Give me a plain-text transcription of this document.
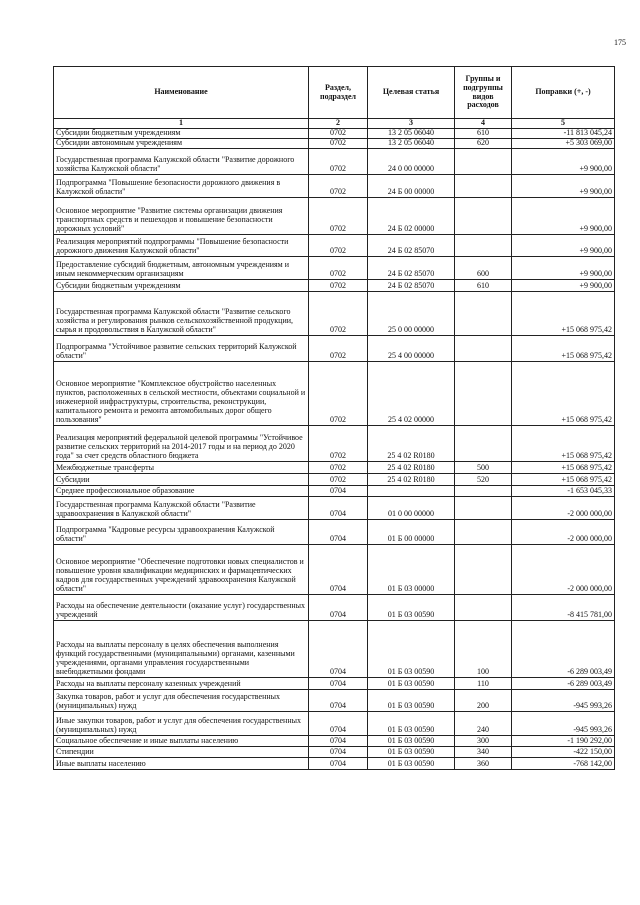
175
Наименование	Раздел, подраздел	Целевая статья	Группы и подгруппы видов расходов	Поправки (+, -)
1	2	3	4	5
Субсидии бюджетным учреждениям	0702	13 2 05 06040	610	-11 813 045,24
Субсидии автономным учреждениям	0702	13 2 05 06040	620	+5 303 069,00
Государственная программа Калужской области "Развитие дорожного хозяйства Калужской области"	0702	24 0 00 00000		+9 900,00
Подпрограмма "Повышение безопасности дорожного движения в Калужской области"	0702	24 Б 00 00000		+9 900,00
Основное мероприятие "Развитие системы организации движения транспортных средств и пешеходов и повышение безопасности дорожных условий"	0702	24 Б 02 00000		+9 900,00
Реализация мероприятий подпрограммы "Повышение безопасности дорожного движения Калужской области"	0702	24 Б 02 85070		+9 900,00
Предоставление субсидий бюджетным, автономным учреждениям и иным некоммерческим организациям	0702	24 Б 02 85070	600	+9 900,00
Субсидии бюджетным учреждениям	0702	24 Б 02 85070	610	+9 900,00
Государственная программа Калужской области "Развитие сельского хозяйства и регулирования рынков сельскохозяйственной продукции, сырья и продовольствия в Калужской области"	0702	25 0 00 00000		+15 068 975,42
Подпрограмма "Устойчивое развитие сельских территорий Калужской области"	0702	25 4 00 00000		+15 068 975,42
Основное мероприятие "Комплексное обустройство населенных пунктов, расположенных в сельской местности, объектами социальной и инженерной инфраструктуры, строительства, реконструкции, капитального ремонта и ремонта автомобильных дорог общего пользования"	0702	25 4 02 00000		+15 068 975,42
Реализация мероприятий федеральной целевой программы "Устойчивое развитие сельских территорий на 2014-2017 годы и на период до 2020 года" за счет средств областного бюджета	0702	25 4 02 R0180		+15 068 975,42
Межбюджетные трансферты	0702	25 4 02 R0180	500	+15 068 975,42
Субсидии	0702	25 4 02 R0180	520	+15 068 975,42
Среднее профессиональное образование	0704			-1 653 045,33
Государственная программа Калужской области "Развитие здравоохранения в Калужской области"	0704	01 0 00 00000		-2 000 000,00
Подпрограмма "Кадровые ресурсы здравоохранения Калужской области"	0704	01 Б 00 00000		-2 000 000,00
Основное мероприятие "Обеспечение подготовки новых специалистов и повышение уровня квалификации медицинских и фармацевтических кадров для государственных учреждений здравоохранения Калужской области"	0704	01 Б 03 00000		-2 000 000,00
Расходы на обеспечение деятельности (оказание услуг) государственных учреждений	0704	01 Б 03 00590		-8 415 781,00
Расходы на выплаты персоналу в целях обеспечения выполнения функций государственными (муниципальными) органами, казенными учреждениями, органами управления государственными внебюджетными фондами	0704	01 Б 03 00590	100	-6 289 003,49
Расходы на выплаты персоналу казенных учреждений	0704	01 Б 03 00590	110	-6 289 003,49
Закупка товаров, работ и услуг для обеспечения государственных (муниципальных) нужд	0704	01 Б 03 00590	200	-945 993,26
Иные закупки товаров, работ и услуг для обеспечения государственных (муниципальных) нужд	0704	01 Б 03 00590	240	-945 993,26
Социальное обеспечение и иные выплаты населению	0704	01 Б 03 00590	300	-1 190 292,00
Стипендии	0704	01 Б 03 00590	340	-422 150,00
Иные выплаты населению	0704	01 Б 03 00590	360	-768 142,00
